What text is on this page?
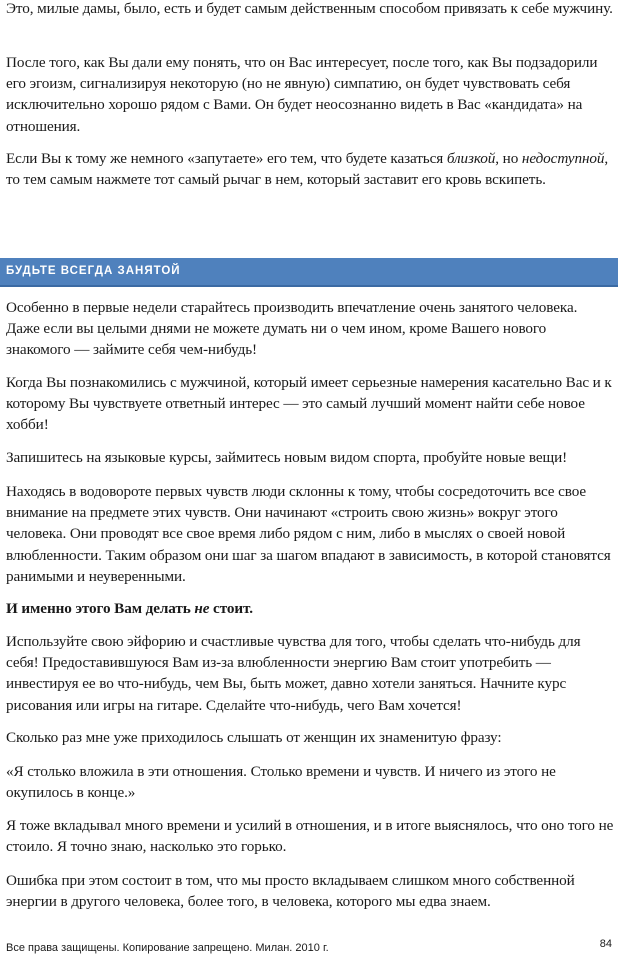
Это, милые дамы, было, есть и будет самым действенным способом привязать к себе мужчину.

После того, как Вы дали ему понять, что он Вас интересует, после того, как Вы подзадорили его эгоизм, сигнализируя некоторую (но не явную) симпатию, он будет чувствовать себя исключительно хорошо рядом с Вами. Он будет неосознанно видеть в Вас «кандидата» на отношения.

Если Вы к тому же немного «запутаете» его тем, что будете казаться близкой, но недоступной, то тем самым нажмете тот самый рычаг в нем, который заставит его кровь вскипеть.

БУДЬТЕ ВСЕГДА ЗАНЯТОЙ

Особенно в первые недели старайтесь производить впечатление очень занятого человека. Даже если вы целыми днями не можете думать ни о чем ином, кроме Вашего нового знакомого — займите себя чем-нибудь!

Когда Вы познакомились с мужчиной, который имеет серьезные намерения касательно Вас и к которому Вы чувствуете ответный интерес — это самый лучший момент найти себе новое хобби!

Запишитесь на языковые курсы, займитесь новым видом спорта, пробуйте новые вещи!

Находясь в водовороте первых чувств люди склонны к тому, чтобы сосредоточить все свое внимание на предмете этих чувств. Они начинают «строить свою жизнь» вокруг этого человека. Они проводят все свое время либо рядом с ним, либо в мыслях о своей новой влюбленности. Таким образом они шаг за шагом впадают в зависимость, в которой становятся ранимыми и неуверенными.

И именно этого Вам делать не стоит.

Используйте свою эйфорию и счастливые чувства для того, чтобы сделать что-нибудь для себя! Предоставившуюся Вам из-за влюбленности энергию Вам стоит употребить — инвестируя ее во что-нибудь, чем Вы, быть может, давно хотели заняться. Начните курс рисования или игры на гитаре. Сделайте что-нибудь, чего Вам хочется!

Сколько раз мне уже приходилось слышать от женщин их знаменитую фразу:

«Я столько вложила в эти отношения. Столько времени и чувств. И ничего из этого не окупилось в конце.»

Я тоже вкладывал много времени и усилий в отношения, и в итоге выяснялось, что оно того не стоило. Я точно знаю, насколько это горько.

Ошибка при этом состоит в том, что мы просто вкладываем слишком много собственной энергии в другого человека, более того, в человека, которого мы едва знаем.

Все права защищены. Копирование запрещено. Милан. 2010 г.	84
